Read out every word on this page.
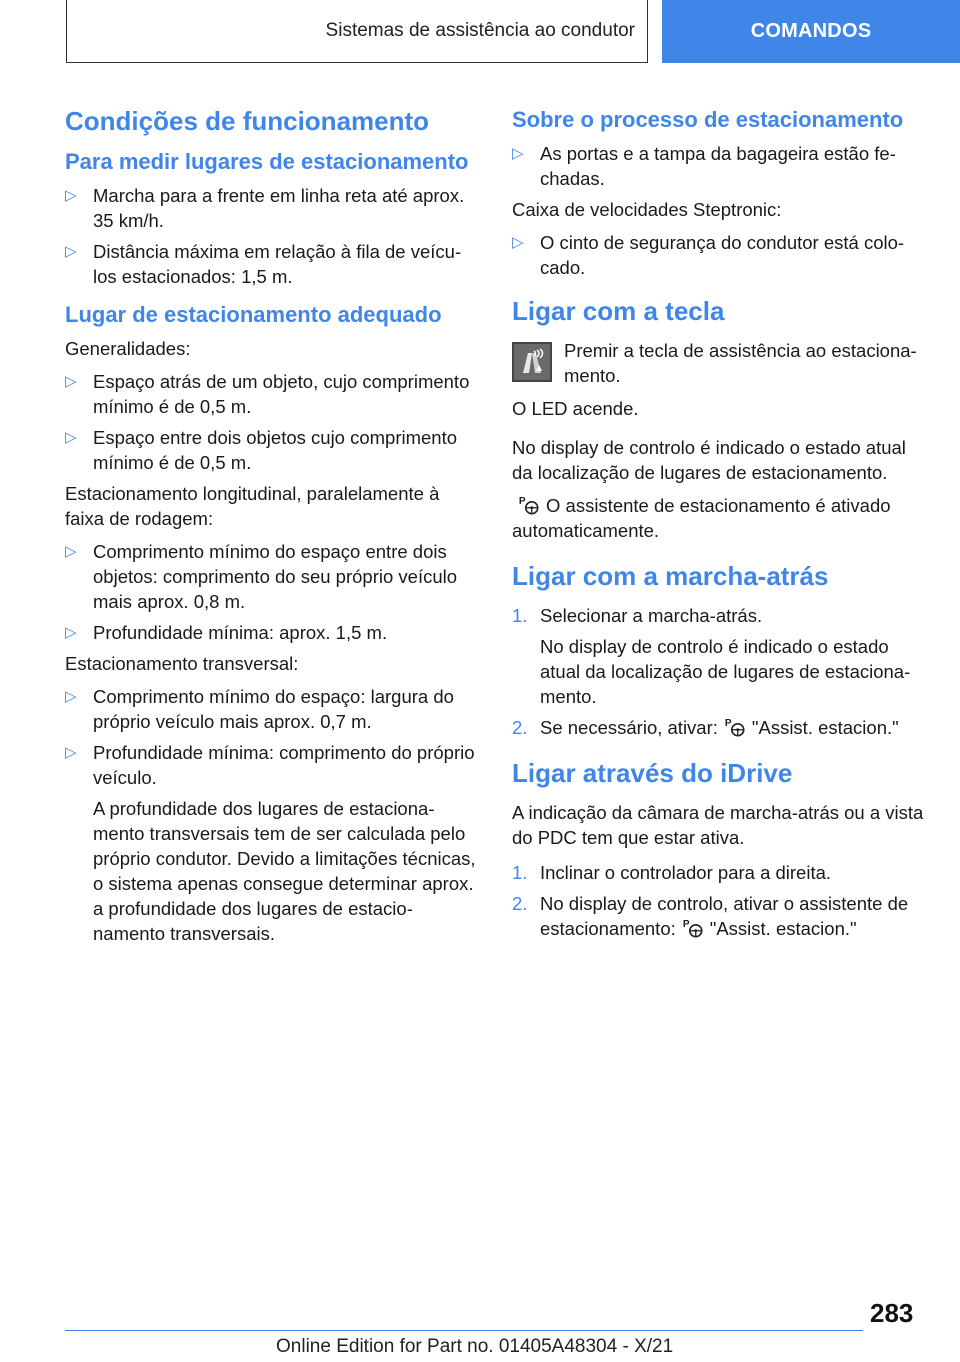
Sistemas de assistência ao condutor	COMANDOS
Condições de funcionamento
Para medir lugares de estacionamento
▷ Marcha para a frente em linha reta até aprox. 35 km/h.
▷ Distância máxima em relação à fila de veículos estacionados: 1,5 m.
Lugar de estacionamento adequado
Generalidades:
▷ Espaço atrás de um objeto, cujo comprimento mínimo é de 0,5 m.
▷ Espaço entre dois objetos cujo comprimento mínimo é de 0,5 m.
Estacionamento longitudinal, paralelamente à faixa de rodagem:
▷ Comprimento mínimo do espaço entre dois objetos: comprimento do seu próprio veículo mais aprox. 0,8 m.
▷ Profundidade mínima: aprox. 1,5 m.
Estacionamento transversal:
▷ Comprimento mínimo do espaço: largura do próprio veículo mais aprox. 0,7 m.
▷ Profundidade mínima: comprimento do próprio veículo.
A profundidade dos lugares de estacionamento transversais tem de ser calculada pelo próprio condutor. Devido a limitações técnicas, o sistema apenas consegue determinar aprox. a profundidade dos lugares de estacionamento transversais.
Sobre o processo de estacionamento
▷ As portas e a tampa da bagageira estão fechadas.
Caixa de velocidades Steptronic:
▷ O cinto de segurança do condutor está colocado.
Ligar com a tecla
Premir a tecla de assistência ao estacionamento.
O LED acende.
No display de controlo é indicado o estado atual da localização de lugares de estacionamento.
P O assistente de estacionamento é ativado automaticamente.
Ligar com a marcha-atrás
1. Selecionar a marcha-atrás.
No display de controlo é indicado o estado atual da localização de lugares de estacionamento.
2. Se necessário, ativar: P "Assist. estacion."
Ligar através do iDrive
A indicação da câmara de marcha-atrás ou a vista do PDC tem que estar ativa.
1. Inclinar o controlador para a direita.
2. No display de controlo, ativar o assistente de estacionamento: P "Assist. estacion."
283
Online Edition for Part no. 01405A48304 - X/21
